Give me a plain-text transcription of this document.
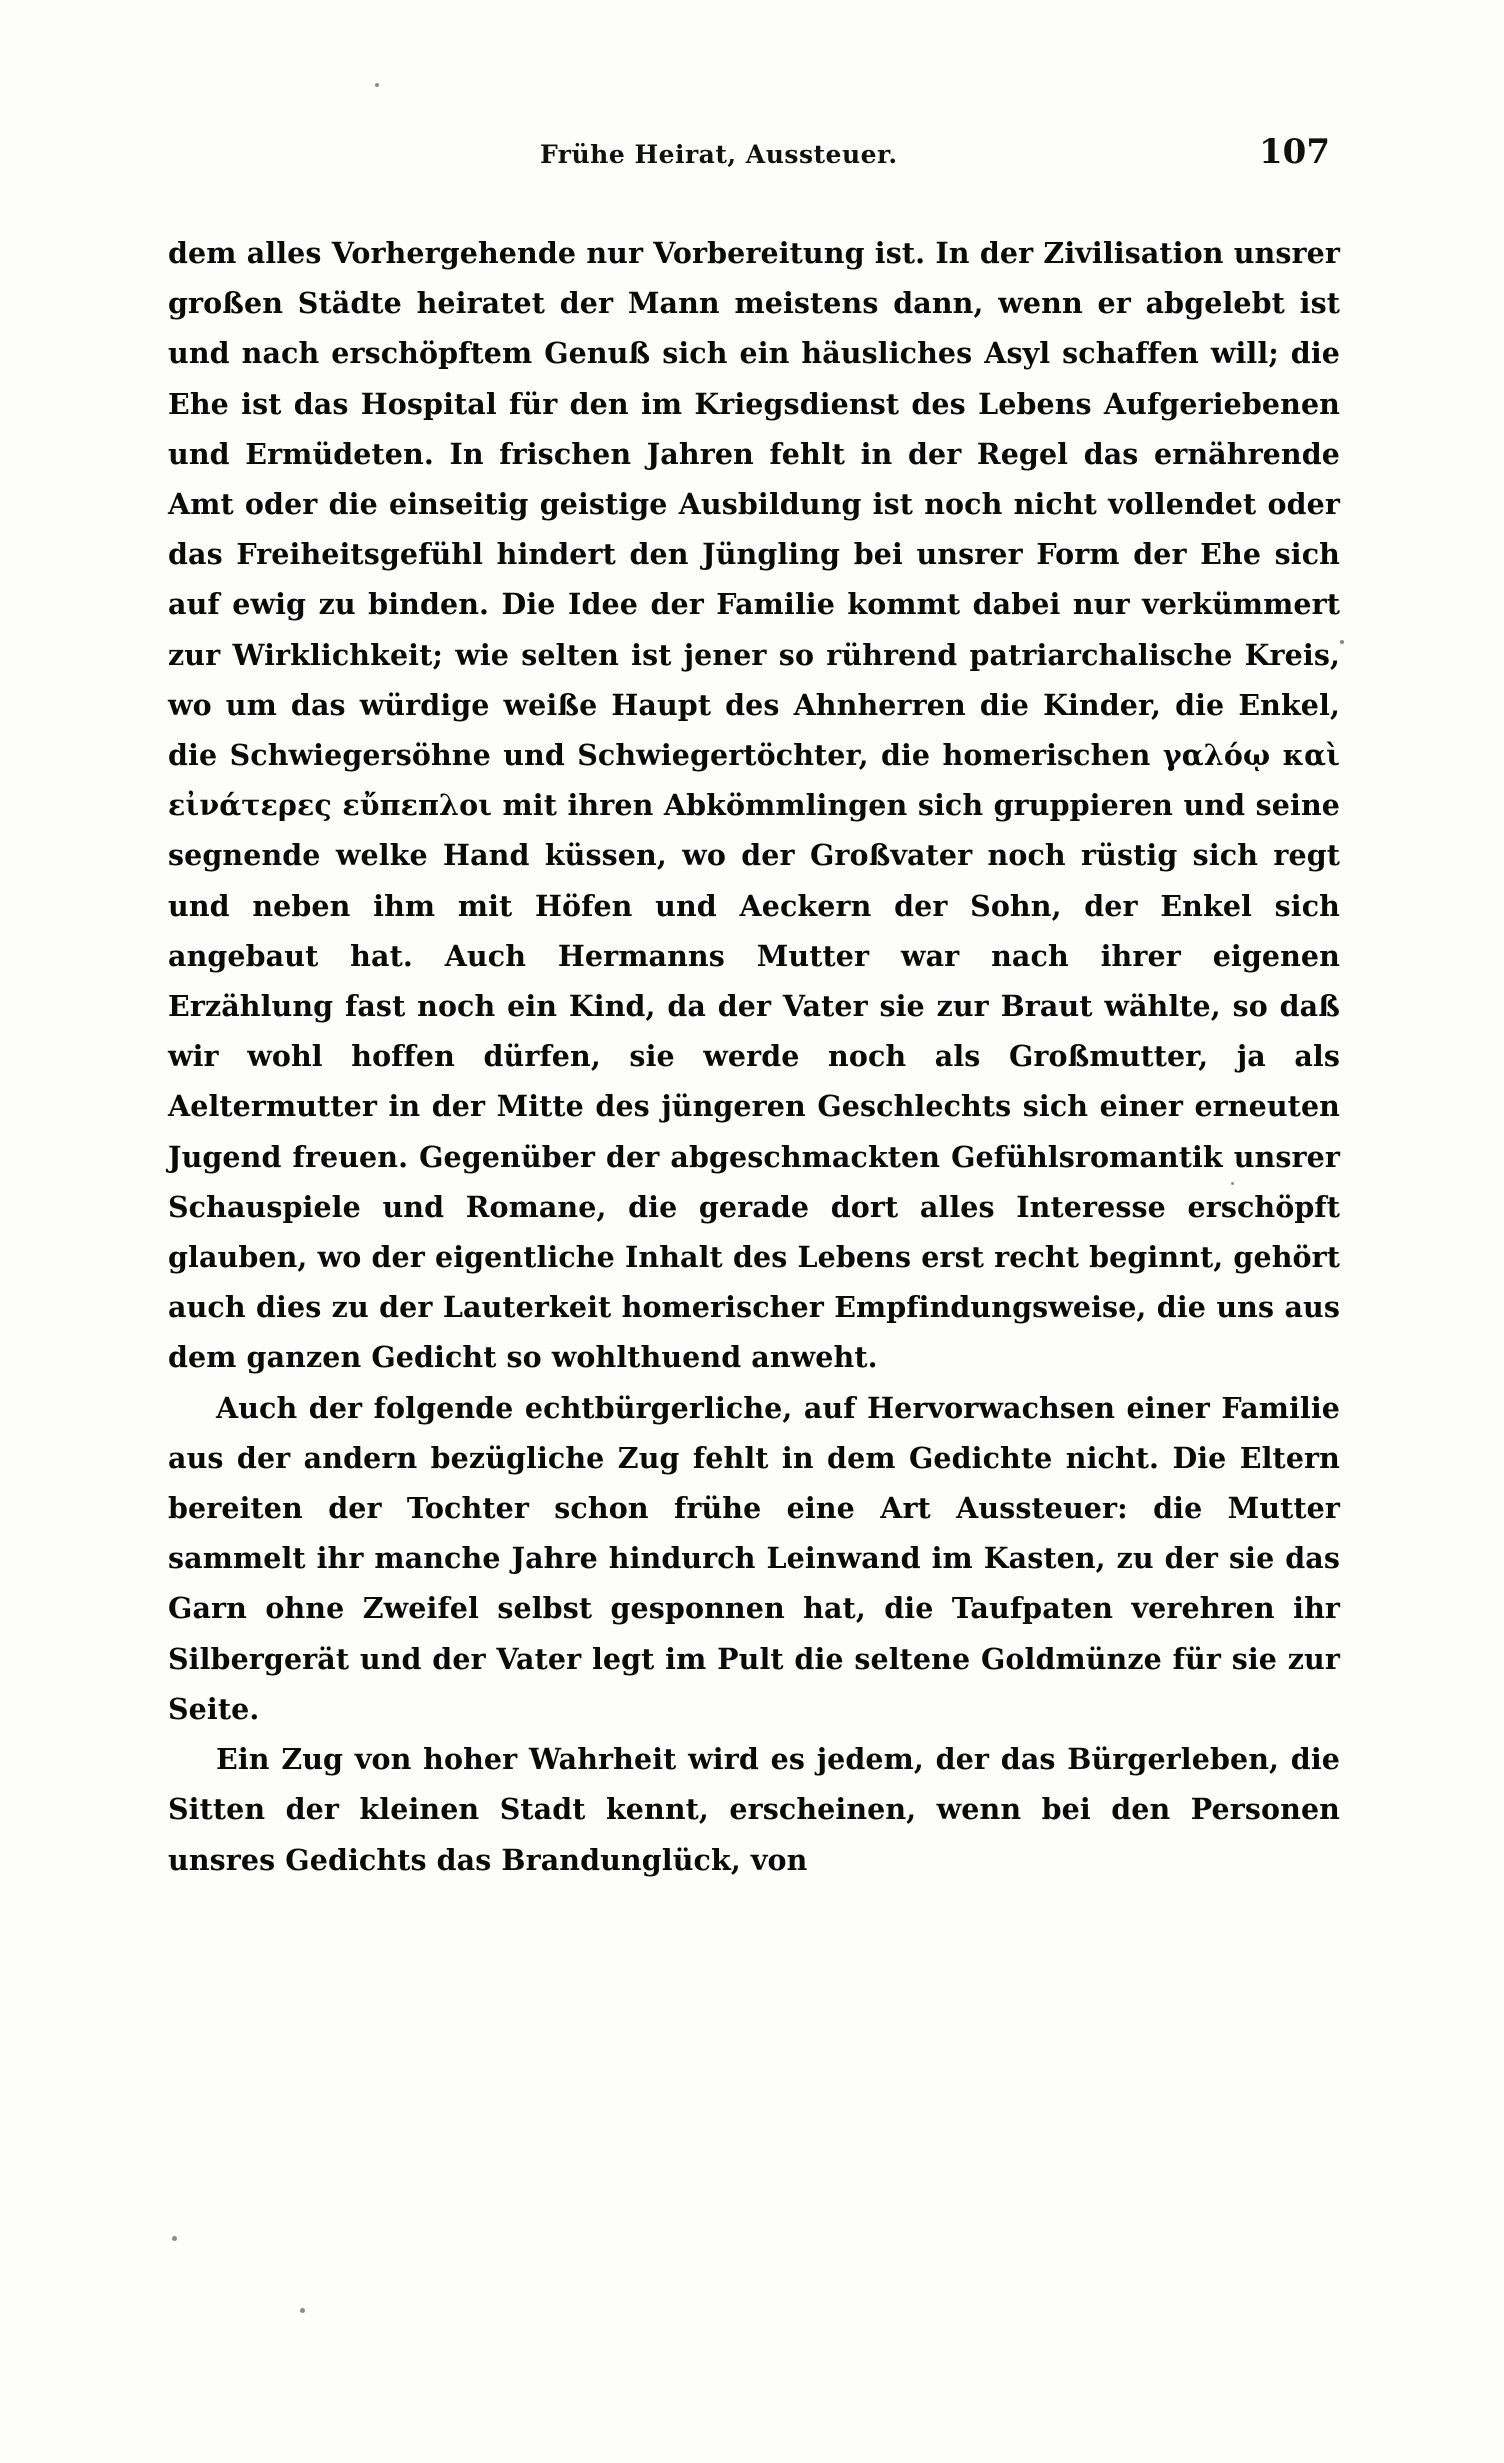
Frühe Heirat, Aussteuer.	107

dem alles Vorhergehende nur Vorbereitung ist. In der Zivilisation unsrer großen Städte heiratet der Mann meistens dann, wenn er abgelebt ist und nach erschöpftem Genuß sich ein häusliches Asyl schaffen will; die Ehe ist das Hospital für den im Kriegsdienst des Lebens Aufgeriebenen und Ermüdeten. In frischen Jahren fehlt in der Regel das ernährende Amt oder die einseitig geistige Ausbildung ist noch nicht vollendet oder das Freiheitsgefühl hindert den Jüngling bei unsrer Form der Ehe sich auf ewig zu binden. Die Idee der Familie kommt dabei nur verkümmert zur Wirklichkeit; wie selten ist jener so rührend patriarchalische Kreis, wo um das würdige weiße Haupt des Ahnherren die Kinder, die Enkel, die Schwiegersöhne und Schwiegertöchter, die homerischen γαλόῳ καὶ εἰνάτερες εὔπεπλοι mit ihren Abkömmlingen sich gruppieren und seine segnende welke Hand küssen, wo der Großvater noch rüstig sich regt und neben ihm mit Höfen und Aeckern der Sohn, der Enkel sich angebaut hat. Auch Hermanns Mutter war nach ihrer eigenen Erzählung fast noch ein Kind, da der Vater sie zur Braut wählte, so daß wir wohl hoffen dürfen, sie werde noch als Großmutter, ja als Aeltermutter in der Mitte des jüngeren Geschlechts sich einer erneuten Jugend freuen. Gegenüber der abgeschmackten Gefühlsromantik unsrer Schauspiele und Romane, die gerade dort alles Interesse erschöpft glauben, wo der eigentliche Inhalt des Lebens erst recht beginnt, gehört auch dies zu der Lauterkeit homerischer Empfindungsweise, die uns aus dem ganzen Gedicht so wohlthuend anweht.

Auch der folgende echtbürgerliche, auf Hervorwachsen einer Familie aus der andern bezügliche Zug fehlt in dem Gedichte nicht. Die Eltern bereiten der Tochter schon frühe eine Art Aussteuer: die Mutter sammelt ihr manche Jahre hindurch Leinwand im Kasten, zu der sie das Garn ohne Zweifel selbst gesponnen hat, die Taufpaten verehren ihr Silbergerät und der Vater legt im Pult die seltene Goldmünze für sie zur Seite.

Ein Zug von hoher Wahrheit wird es jedem, der das Bürgerleben, die Sitten der kleinen Stadt kennt, erscheinen, wenn bei den Personen unsres Gedichts das Brandunglück, von
